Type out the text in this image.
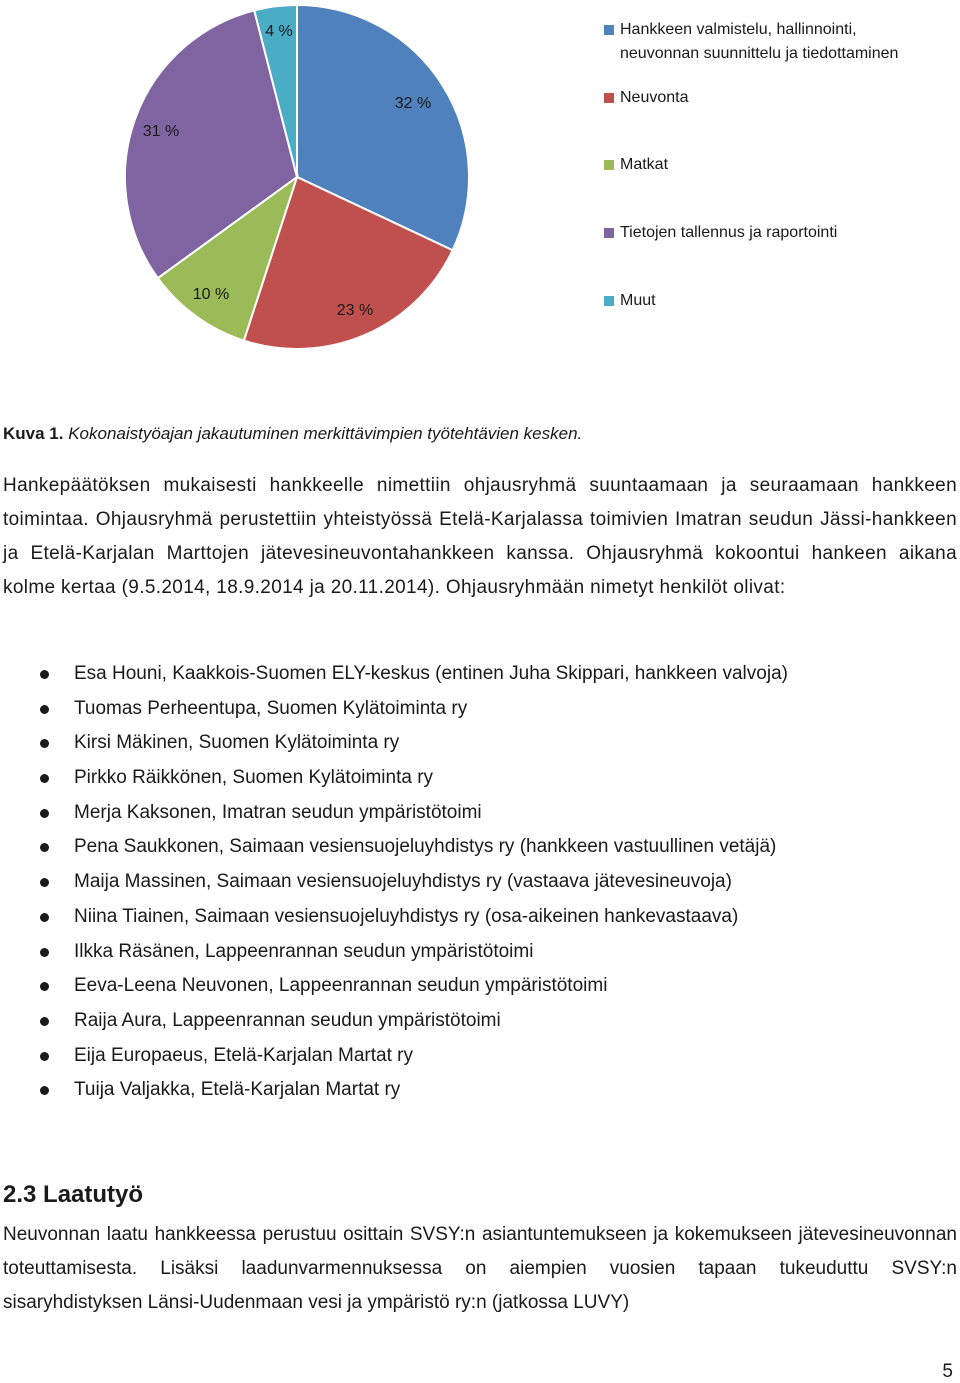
32 %
23 %
10 %
31 %
4 %	Hankkeen valmistelu, hallinnointi,
neuvonnan suunnittelu ja tiedottaminen
Neuvonta
Matkat
Tietojen tallennus ja raportointi
Muut
Kuva 1. Kokonaistyöajan jakautuminen merkittävimpien työtehtävien kesken.
Hankepäätöksen mukaisesti hankkeelle nimettiin ohjausryhmä suuntaamaan ja seuraamaan hankkeen toimintaa. Ohjausryhmä perustettiin yhteistyössä Etelä-Karjalassa toimivien Imatran seudun Jässi-hankkeen ja Etelä-Karjalan Marttojen jätevesineuvontahankkeen kanssa. Ohjausryhmä kokoontui hankeen aikana kolme kertaa (9.5.2014, 18.9.2014 ja 20.11.2014). Ohjausryhmään nimetyt henkilöt olivat:
Esa Houni, Kaakkois-Suomen ELY-keskus (entinen Juha Skippari, hankkeen valvoja)
Tuomas Perheentupa, Suomen Kylätoiminta ry
Kirsi Mäkinen, Suomen Kylätoiminta ry
Pirkko Räikkönen, Suomen Kylätoiminta ry
Merja Kaksonen, Imatran seudun ympäristötoimi
Pena Saukkonen, Saimaan vesiensuojeluyhdistys ry (hankkeen vastuullinen vetäjä)
Maija Massinen, Saimaan vesiensuojeluyhdistys ry (vastaava jätevesineuvoja)
Niina Tiainen, Saimaan vesiensuojeluyhdistys ry (osa-aikeinen hankevastaava)
Ilkka Räsänen, Lappeenrannan seudun ympäristötoimi
Eeva-Leena Neuvonen, Lappeenrannan seudun ympäristötoimi
Raija Aura, Lappeenrannan seudun ympäristötoimi
Eija Europaeus, Etelä-Karjalan Martat ry
Tuija Valjakka, Etelä-Karjalan Martat ry
2.3 Laatutyö
Neuvonnan laatu hankkeessa perustuu osittain SVSY:n asiantuntemukseen ja kokemukseen jätevesineuvonnan toteuttamisesta. Lisäksi laadunvarmennuksessa on aiempien vuosien tapaan tukeuduttu SVSY:n sisaryhdistyksen Länsi-Uudenmaan vesi ja ympäristö ry:n (jatkossa LUVY)
5
